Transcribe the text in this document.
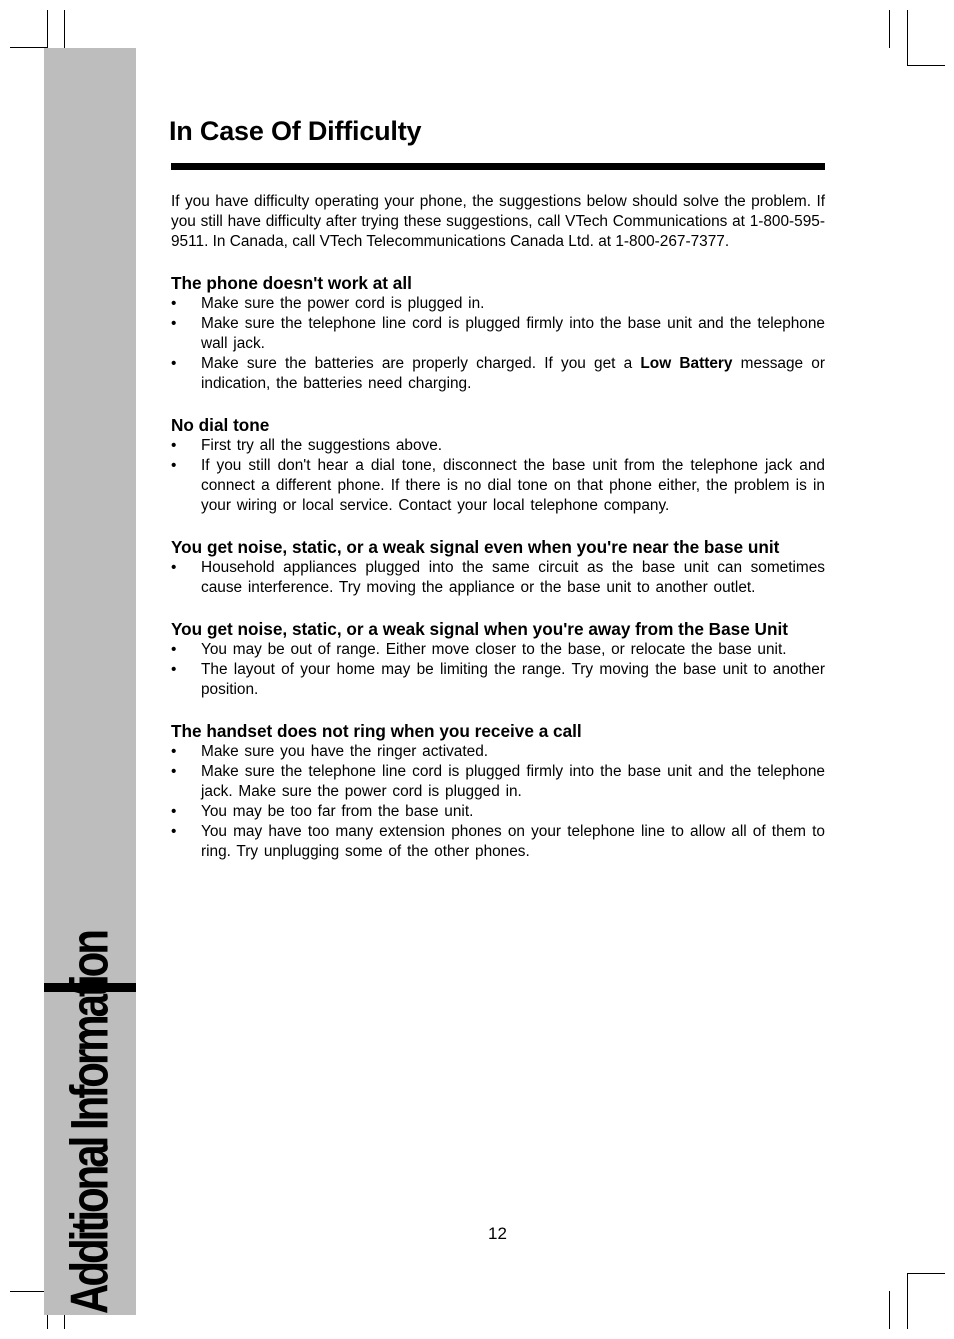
Additional Information
In Case Of Difficulty

If you have difficulty operating your phone, the suggestions below should solve the problem. If you still have difficulty after trying these suggestions, call VTech Communications at 1-800-595-9511. In Canada, call VTech Telecommunications Canada Ltd. at 1-800-267-7377.

The phone doesn't work at all
• Make sure the power cord is plugged in.
• Make sure the telephone line cord is plugged firmly into the base unit and the telephone wall jack.
• Make sure the batteries are properly charged. If you get a Low Battery message or indication, the batteries need charging.
No dial tone
• First try all the suggestions above.
• If you still don't hear a dial tone, disconnect the base unit from the telephone jack and connect a different phone. If there is no dial tone on that phone either, the problem is in your wiring or local service. Contact your local telephone company.
You get noise, static, or a weak signal even when you're near the base unit
• Household appliances plugged into the same circuit as the base unit can sometimes cause interference. Try moving the appliance or the base unit to another outlet.
You get noise, static, or a weak signal when you're away from the Base Unit
• You may be out of range. Either move closer to the base, or relocate the base unit.
• The layout of your home may be limiting the range. Try moving the base unit to another position.
The handset does not ring when you receive a call
• Make sure you have the ringer activated.
• Make sure the telephone line cord is plugged firmly into the base unit and the telephone jack. Make sure the power cord is plugged in.
• You may be too far from the base unit.
• You may have too many extension phones on your telephone line to allow all of them to ring. Try unplugging some of the other phones.
12
